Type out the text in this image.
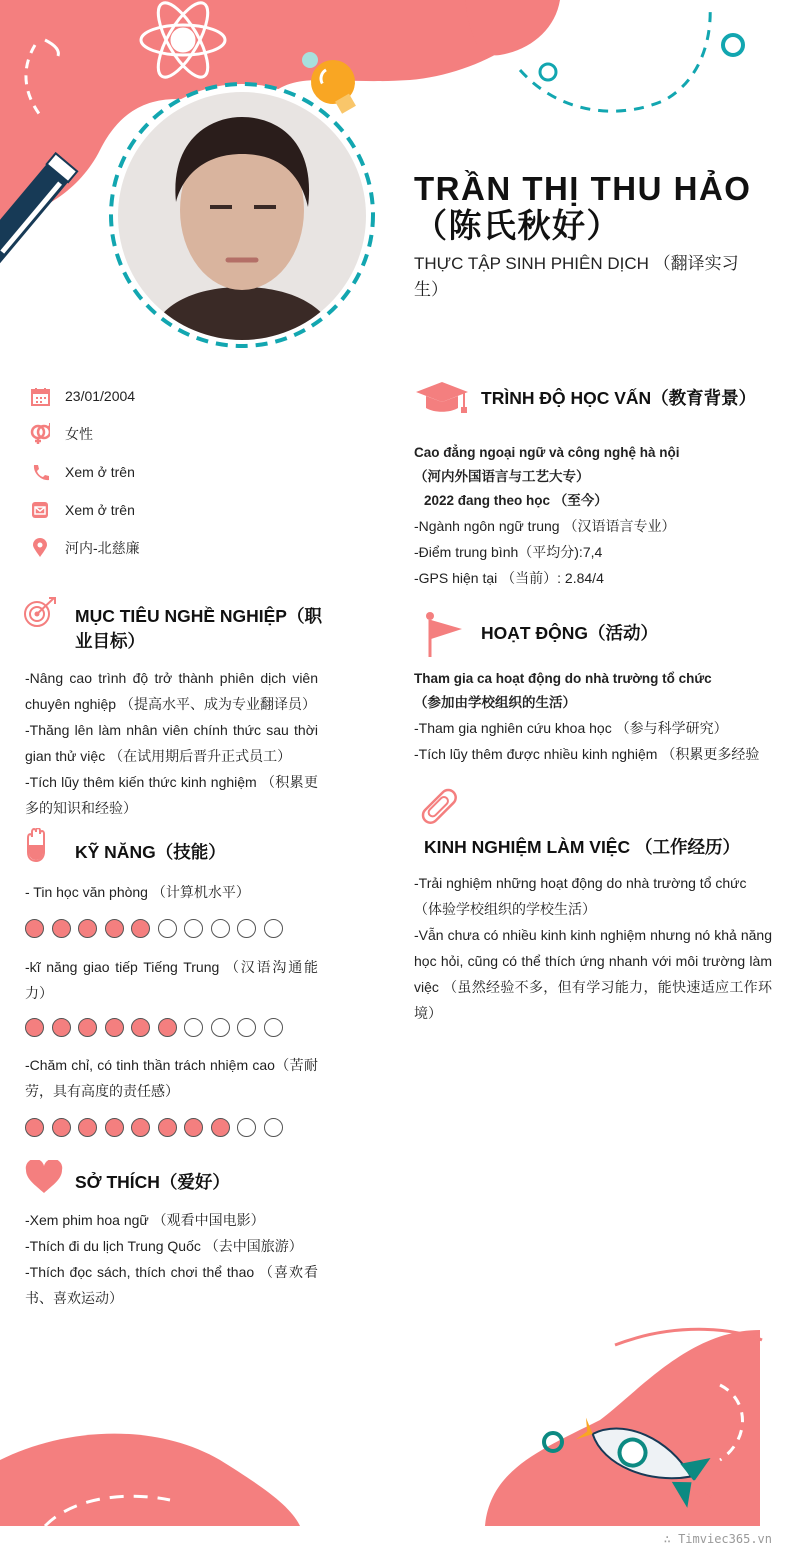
TRẦN THỊ THU HẢO （陈氏秋好）
THỰC TẬP SINH PHIÊN DỊCH （翻译实习生）
23/01/2004
女性
Xem ở trên
Xem ở trên
河内-北慈廉
MỤC TIÊU NGHỀ NGHIỆP（职业目标）

-Nâng cao trình độ trở thành phiên dịch viên chuyên nghiệp （提高水平、成为专业翻译员）

-Thăng lên làm nhân viên chính thức sau thời gian thử việc （在试用期后晋升正式员工）

-Tích lũy thêm kiến thức kinh nghiệm （积累更多的知识和经验）

KỸ NĂNG（技能）
- Tin học văn phòng （计算机水平）
-kĩ năng giao tiếp Tiếng Trung （汉语沟通能力）
-Chăm chỉ, có tinh thần trách nhiệm cao（苦耐劳，具有高度的责任感）
SỞ THÍCH（爱好）

-Xem phim hoa ngữ （观看中国电影）

-Thích đi du lịch Trung Quốc （去中国旅游）

-Thích đọc sách, thích chơi thể thao （喜欢看书、喜欢运动）

TRÌNH ĐỘ HỌC VẤN（教育背景）

Cao đẳng ngoại ngữ và công nghệ hà nội

（河内外国语言与工艺大专）

2022 đang theo học （至今）

-Ngành ngôn ngữ trung （汉语语言专业）

-Điểm trung bình（平均分):7,4

-GPS hiện tại （当前）: 2.84/4

HOẠT ĐỘNG（活动）

Tham gia ca hoạt động do nhà trường tổ chức

（参加由学校组织的生活）

-Tham gia nghiên cứu khoa học （参与科学研究）

-Tích lũy thêm được nhiều kinh nghiệm （积累更多经验

KINH NGHIỆM LÀM VIỆC （工作经历）

-Trải nghiệm những hoạt động do nhà trường tổ chức

（体验学校组织的学校生活）

-Vẫn chưa có nhiều kinh kinh nghiệm nhưng nó khả năng học hỏi, cũng có thể thích ứng nhanh với môi trường làm việc （虽然经验不多，但有学习能力，能快速适应工作环境）

∴ Timviec365.vn
